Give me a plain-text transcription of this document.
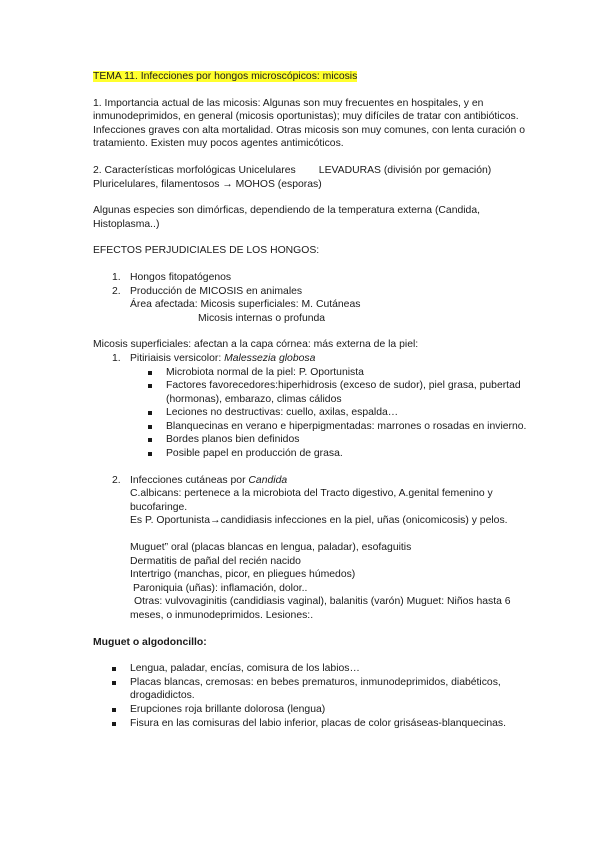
TEMA 11. Infecciones por hongos microscópicos: micosis

1. Importancia actual de las micosis: Algunas son muy frecuentes en hospitales, y en

inmunodeprimidos, en general (micosis oportunistas); muy difíciles de tratar con antibióticos.

Infecciones graves con alta mortalidad. Otras micosis son muy comunes, con lenta curación o

tratamiento. Existen muy pocos agentes antimicóticos.

2. Características morfológicas Unicelulares        LEVADURAS (división por gemación)

Pluricelulares, filamentosos → MOHOS (esporas)

Algunas especies son dimórficas, dependiendo de la temperatura externa (Candida,

Histoplasma..)

EFECTOS PERJUDICIALES DE LOS HONGOS:

1. Hongos fitopatógenos
2. Producción de MICOSIS en animales

Área afectada: Micosis superficiales: M. Cutáneas

Micosis internas o profunda

Micosis superficiales: afectan a la capa córnea: más externa de la piel:

1. Pitiriaisis versicolor: Malessezia globosa

Microbiota normal de la piel: P. Oportunista

Factores favorecedores:hiperhidrosis (exceso de sudor), piel grasa, pubertad

(hormonas), embarazo, climas cálidos

Leciones no destructivas: cuello, axilas, espalda…

Blanquecinas en verano e hiperpigmentadas: marrones o rosadas en invierno.

Bordes planos bien definidos

Posible papel en producción de grasa.

2. Infecciones cutáneas por Candida

C.albicans: pertenece a la microbiota del Tracto digestivo, A.genital femenino y

bucofaringe.

Es P. Oportunista→candidiasis infecciones en la piel, uñas (onicomicosis) y pelos.

Muguet” oral (placas blancas en lengua, paladar), esofaguitis

Dermatitis de pañal del recién nacido

Intertrigo (manchas, picor, en pliegues húmedos)

Paroniquia (uñas): inflamación, dolor..

Otras: vulvovaginitis (candidiasis vaginal), balanitis (varón) Muguet: Niños hasta 6

meses, o inmunodeprimidos. Lesiones:.

Muguet o algodoncillo:

Lengua, paladar, encías, comisura de los labios…

Placas blancas, cremosas: en bebes prematuros, inmunodeprimidos, diabéticos,

drogadidictos.

Erupciones roja brillante dolorosa (lengua)

Fisura en las comisuras del labio inferior, placas de color grisáseas-blanquecinas.
